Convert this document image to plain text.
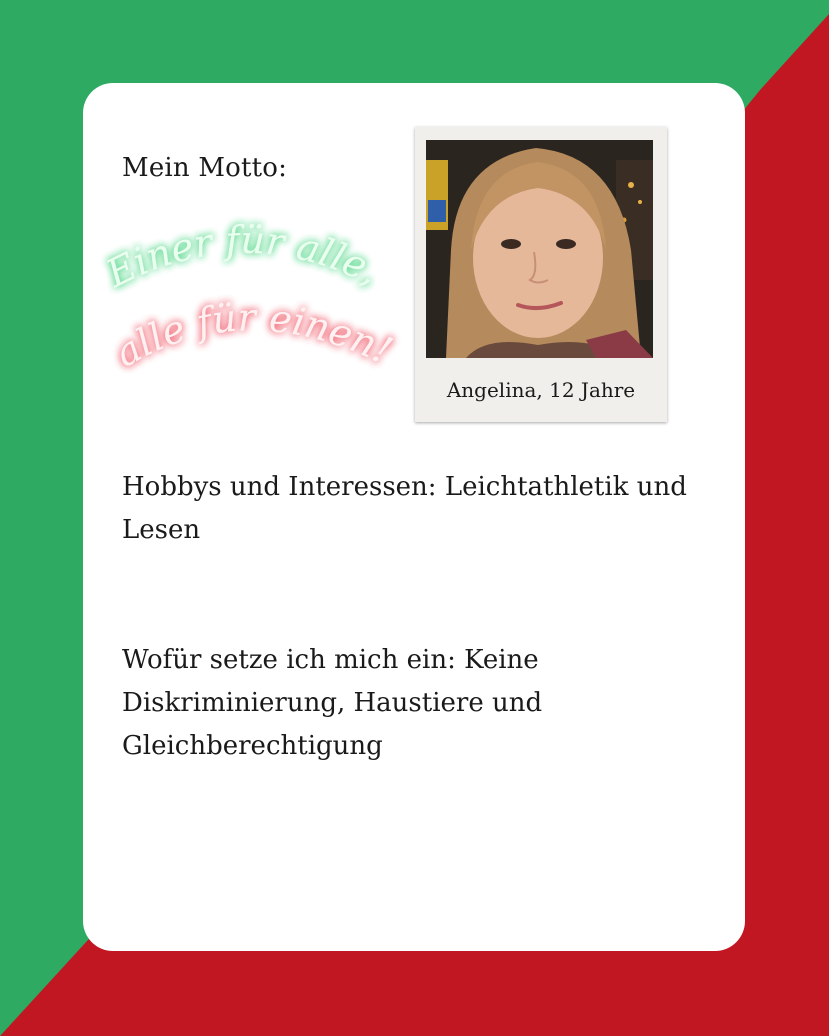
Mein Motto:
Einer für alle,
alle für einen!
Angelina, 12 Jahre
Hobbys und Interessen: Leichtathletik und Lesen
Wofür setze ich mich ein: Keine Diskriminierung, Haustiere und Gleichberechtigung
